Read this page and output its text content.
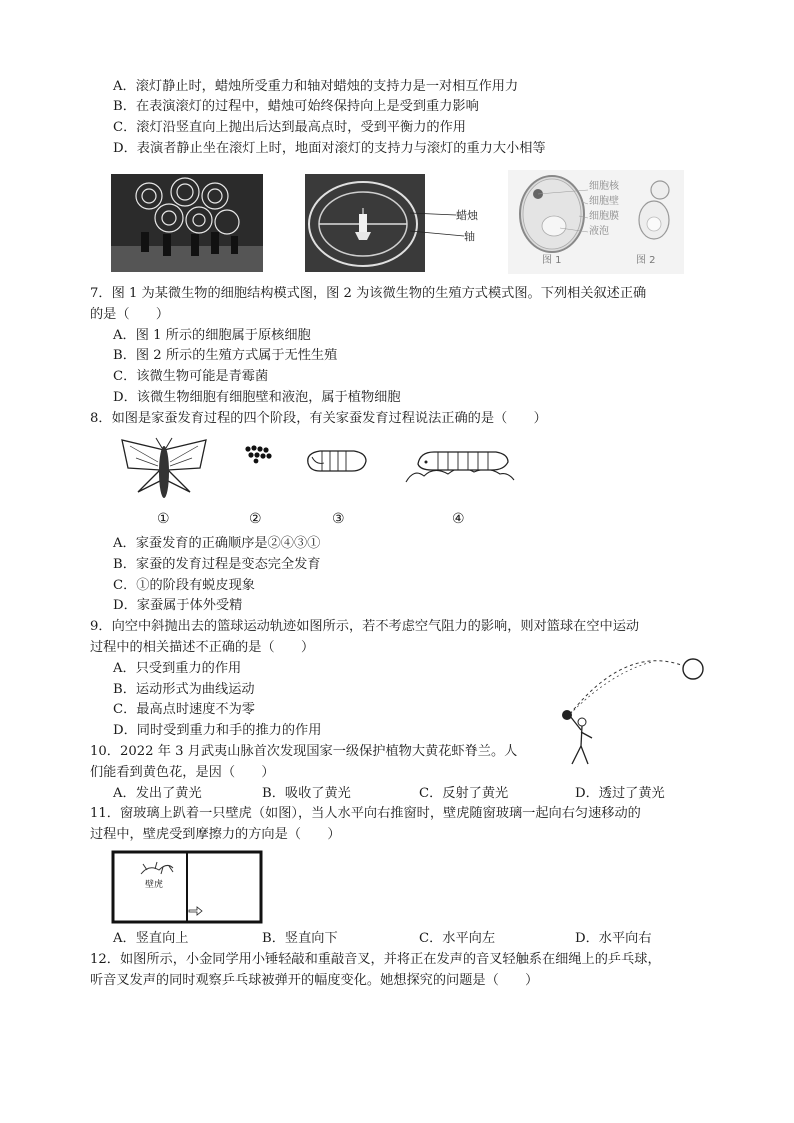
A．滚灯静止时，蜡烛所受重力和轴对蜡烛的支持力是一对相互作用力
B．在表演滚灯的过程中，蜡烛可始终保持向上是受到重力影响
C．滚灯沿竖直向上抛出后达到最高点时，受到平衡力的作用
D．表演者静止坐在滚灯上时，地面对滚灯的支持力与滚灯的重力大小相等
蜡烛
轴
细胞核
细胞壁
细胞膜
液泡
图 1	图 2
7．图 1 为某微生物的细胞结构模式图，图 2 为该微生物的生殖方式模式图。下列相关叙述正确
的是（　　）
A．图 1 所示的细胞属于原核细胞
B．图 2 所示的生殖方式属于无性生殖
C．该微生物可能是青霉菌
D．该微生物细胞有细胞壁和液泡，属于植物细胞
8．如图是家蚕发育过程的四个阶段，有关家蚕发育过程说法正确的是（　　）
①	②	③	④
A．家蚕发育的正确顺序是②④③①
B．家蚕的发育过程是变态完全发育
C．①的阶段有蜕皮现象
D．家蚕属于体外受精
9．向空中斜抛出去的篮球运动轨迹如图所示，若不考虑空气阻力的影响，则对篮球在空中运动
过程中的相关描述不正确的是（　　）
A．只受到重力的作用
B．运动形式为曲线运动
C．最高点时速度不为零
D．同时受到重力和手的推力的作用
10．2022 年 3 月武夷山脉首次发现国家一级保护植物大黄花虾脊兰。人
们能看到黄色花，是因（　　）
A．发出了黄光	B．吸收了黄光	C．反射了黄光	D．透过了黄光
11．窗玻璃上趴着一只壁虎（如图），当人水平向右推窗时，壁虎随窗玻璃一起向右匀速移动的
过程中，壁虎受到摩擦力的方向是（　　）
壁虎
A．竖直向上	B．竖直向下	C．水平向左	D．水平向右
12．如图所示，小金同学用小锤轻敲和重敲音叉，并将正在发声的音叉轻触系在细绳上的乒乓球，
听音叉发声的同时观察乒乓球被弹开的幅度变化。她想探究的问题是（　　）
